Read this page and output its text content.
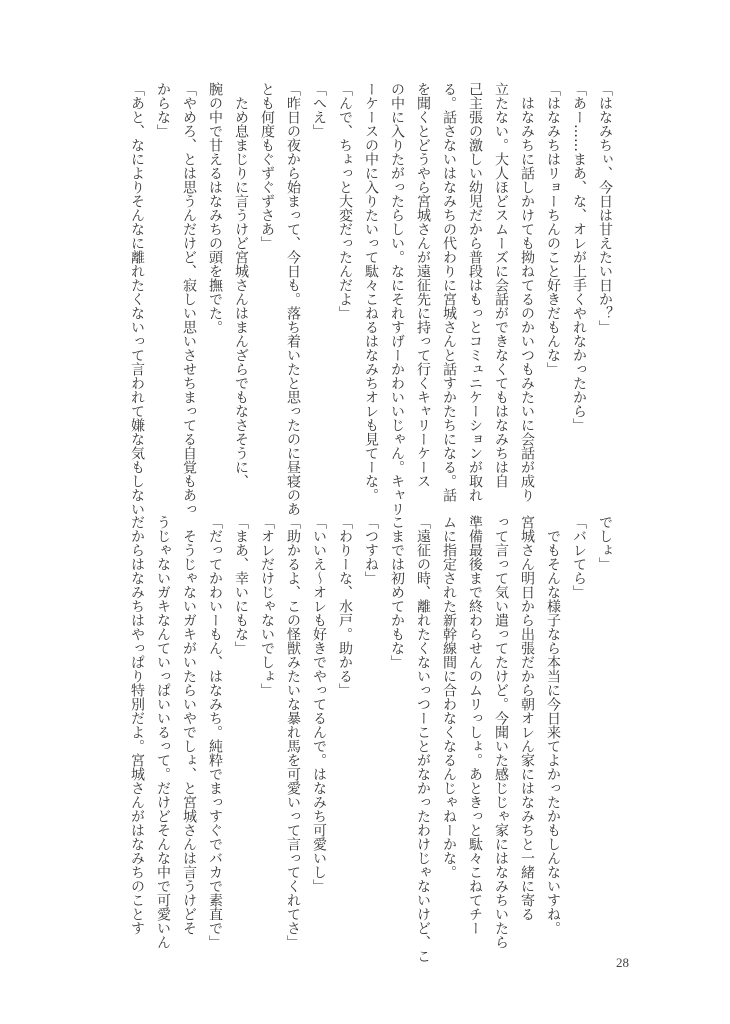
「はなみちぃ、今日は甘えたい日か？」
「あー……まあ、な、オレが上手くやれなかったから」
「はなみちはリョーちんのこと好きだもんな」
はなみちに話しかけても拗ねてるのかいつもみたいに会話が成り
立たない。大人ほどスムーズに会話ができなくてもはなみちは自
己主張の激しい幼児だから普段はもっとコミュニケーションが取れ
る。話さないはなみちの代わりに宮城さんと話すかたちになる。話
を聞くとどうやら宮城さんが遠征先に持って行くキャリーケース
の中に入りたがったらしい。なにそれすげーかわいいじゃん。キャリ
ーケースの中に入りたいって駄々こねるはなみちオレも見てーな。
「んで、ちょっと大変だったんだよ」
「へえ」
「昨日の夜から始まって、今日も。落ち着いたと思ったのに昼寝のあ
とも何度もぐずぐずさあ」
ため息まじりに言うけど宮城さんはまんざらでもなさそうに、
腕の中で甘えるはなみちの頭を撫でた。
「やめろ、とは思うんだけど、寂しい思いさせちまってる自覚もあっ
からな」
「あと、なによりそんなに離れたくないって言われて嫌な気もしない
でしょ」
「バレてら」
でもそんな様子なら本当に今日来てよかったかもしんないすね。
宮城さん明日から出張だから朝オレん家にはなみちと一緒に寄る
って言って気い遣ってたけど。今聞いた感じじゃ家にはなみちいたら
準備最後まで終わらせんのムリっしょ。あときっと駄々こねてチー
ムに指定された新幹線間に合わなくなるんじゃねーかな。
「遠征の時、離れたくないっつーことがなかったわけじゃないけど、こ
こまでは初めてかもな」
「つすね」
「わりーな、水戸。助かる」
「いいえ～オレも好きでやってるんで。はなみち可愛いし」
「助かるよ、この怪獣みたいな暴れ馬を可愛いって言ってくれてさ」
「オレだけじゃないでしょ」
「まあ、幸いにもな」
「だってかわいーもん、はなみち。純粋でまっすぐでバカで素直で」
そうじゃないガキがいたらいやでしょ、と宮城さんは言うけどそ
うじゃないガキなんていっぱいいるって。だけどそんな中で可愛いん
だからはなみちはやっぱり特別だよ。宮城さんがはなみちのことす
28
